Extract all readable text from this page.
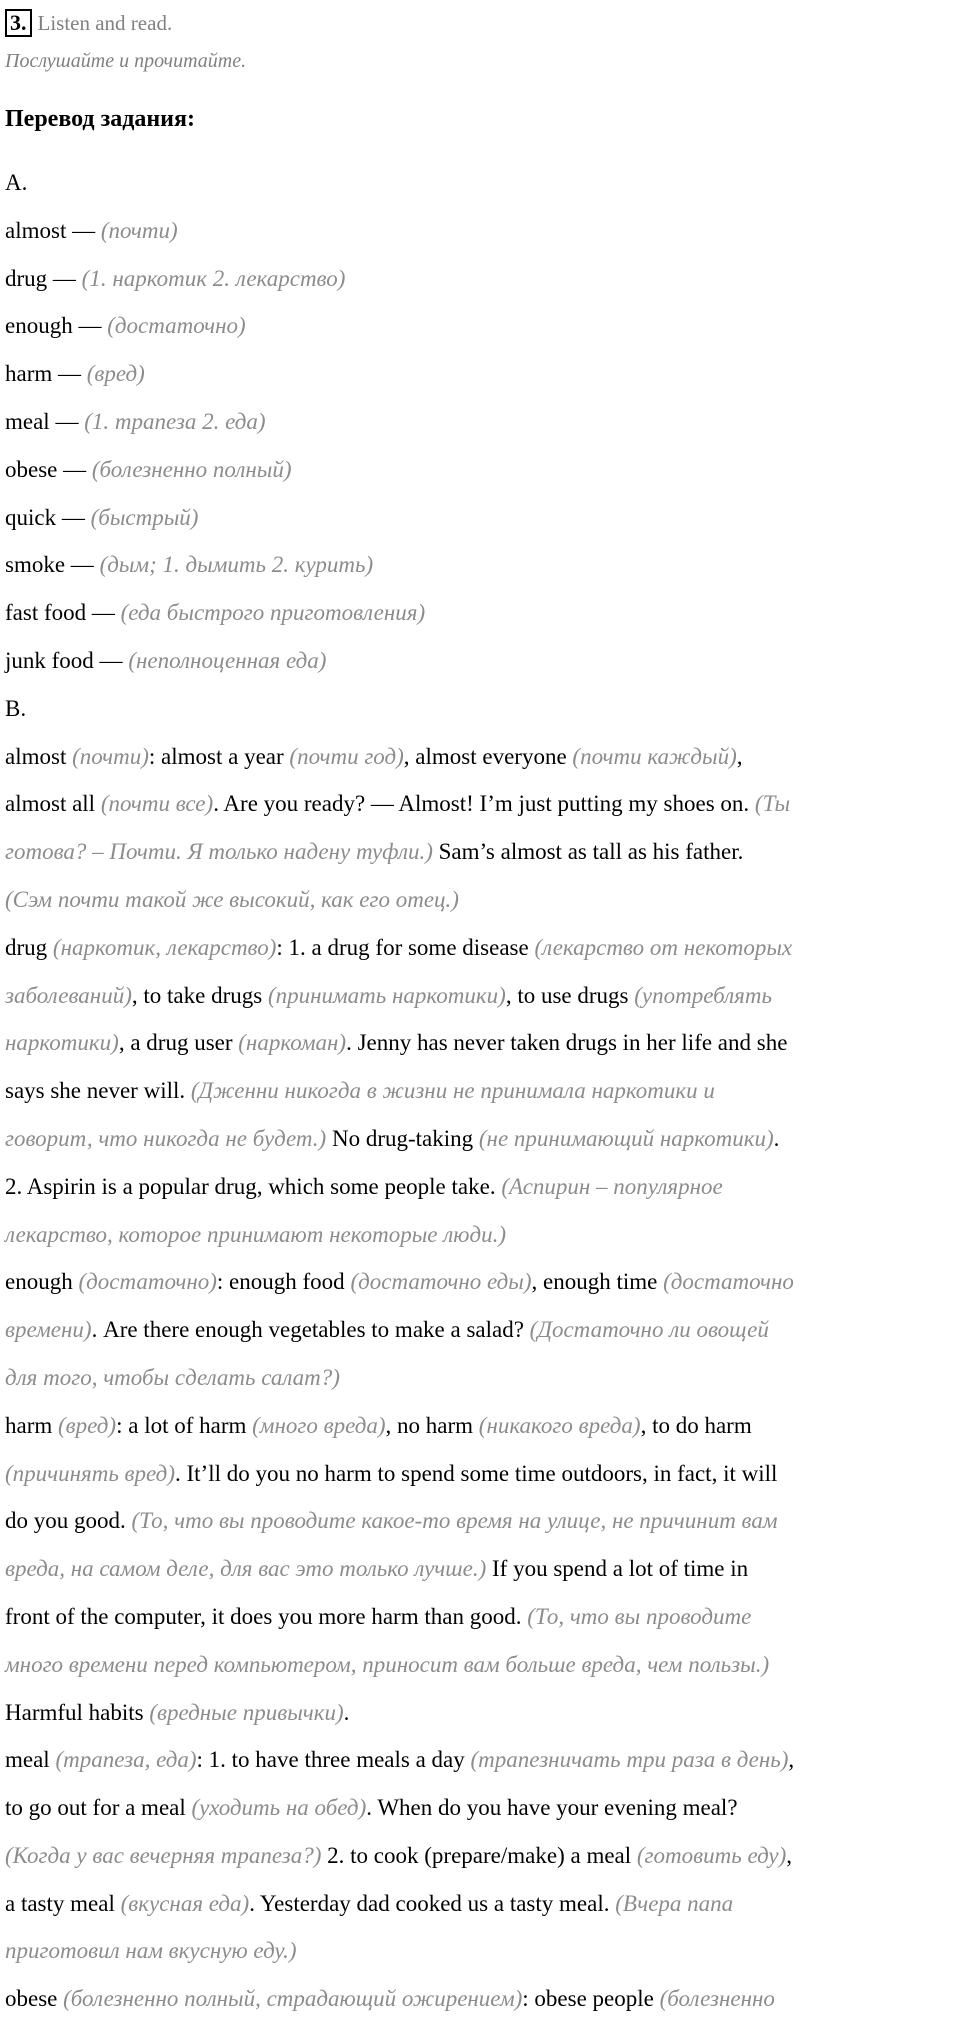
3. Listen and read.
Послушайте и прочитайте.
Перевод задания:
А.
almost — (почти)
drug — (1. наркотик 2. лекарство)
enough — (достаточно)
harm — (вред)
meal — (1. трапеза 2. еда)
obese — (болезненно полный)
quick — (быстрый)
smoke — (дым; 1. дымить 2. курить)
fast food — (еда быстрого приготовления)
junk food — (неполноценная еда)
B.
almost (почти): almost a year (почти год), almost everyone (почти каждый),
almost all (почти все). Are you ready? — Almost! I’m just putting my shoes on. (Ты
готова? – Почти. Я только надену туфли.) Sam’s almost as tall as his father.
(Сэм почти такой же высокий, как его отец.)
drug (наркотик, лекарство): 1. a drug for some disease (лекарство от некоторых
заболеваний), to take drugs (принимать наркотики), to use drugs (употреблять
наркотики), a drug user (наркоман). Jenny has never taken drugs in her life and she
says she never will. (Дженни никогда в жизни не принимала наркотики и
говорит, что никогда не будет.) No drug-taking (не принимающий наркотики).
2. Aspirin is a popular drug, which some people take. (Аспирин – популярное
лекарство, которое принимают некоторые люди.)
enough (достаточно): enough food (достаточно еды), enough time (достаточно
времени). Are there enough vegetables to make a salad? (Достаточно ли овощей
для того, чтобы сделать салат?)
harm (вред): a lot of harm (много вреда), no harm (никакого вреда), to do harm
(причинять вред). It’ll do you no harm to spend some time outdoors, in fact, it will
do you good. (То, что вы проводите какое-то время на улице, не причинит вам
вреда, на самом деле, для вас это только лучше.) If you spend a lot of time in
front of the computer, it does you more harm than good. (То, что вы проводите
много времени перед компьютером, приносит вам больше вреда, чем пользы.)
Harmful habits (вредные привычки).
meal (трапеза, еда): 1. to have three meals a day (трапезничать три раза в день),
to go out for a meal (уходить на обед). When do you have your evening meal?
(Когда у вас вечерняя трапеза?) 2. to cook (prepare/make) a meal (готовить еду),
a tasty meal (вкусная еда). Yesterday dad cooked us a tasty meal. (Вчера папа
приготовил нам вкусную еду.)
obese (болезненно полный, страдающий ожирением): obese people (болезненно
